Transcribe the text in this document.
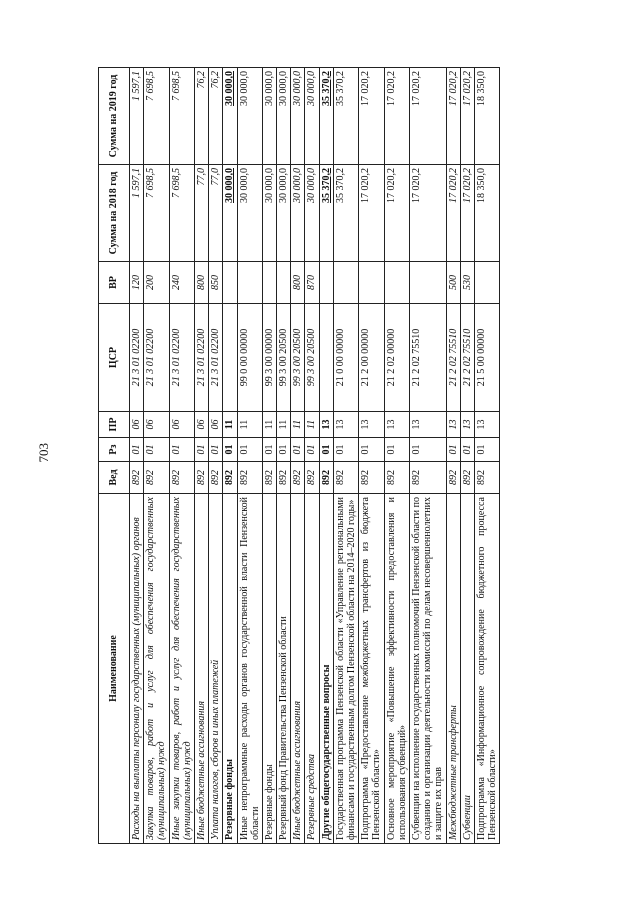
703
Наименование	Вед	Рз	ПР	ЦСР	ВР	Сумма на 2018 год	Сумма на 2019 год
Расходы на выплаты персоналу государственных (муниципальных) органов	892	01	06	21 3 01 02200	120	1 597,1	1 597,1
Закупка товаров, работ и услуг для обеспечения государственных (муниципальных) нужд	892	01	06	21 3 01 02200	200	7 698,5	7 698,5
Иные закупки товаров, работ и услуг для обеспечения государственных (муниципальных) нужд	892	01	06	21 3 01 02200	240	7 698,5	7 698,5
Иные бюджетные ассигнования	892	01	06	21 3 01 02200	800	77,0	76,2
Уплата налогов, сборов и иных платежей	892	01	06	21 3 01 02200	850	77,0	76,2
Резервные фонды	892	01	11			30 000,0	30 000,0
Иные непрограммные расходы органов государственной власти Пензенской области	892	01	11	99 0 00 00000		30 000,0	30 000,0
Резервные фонды	892	01	11	99 3 00 00000		30 000,0	30 000,0
Резервный фонд Правительства Пензенской области	892	01	11	99 3 00 20500		30 000,0	30 000,0
Иные бюджетные ассигнования	892	01	11	99 3 00 20500	800	30 000,0	30 000,0
Резервные средства	892	01	11	99 3 00 20500	870	30 000,0	30 000,0
Другие общегосударственные вопросы	892	01	13			35 370,2	35 370,2
Государственная программа Пензенской области «Управление региональными финансами и государственным долгом Пензенской области на 2014–2020 годы»	892	01	13	21 0 00 00000		35 370,2	35 370,2
Подпрограмма «Предоставление межбюджетных трансфертов из бюджета Пензенской области»	892	01	13	21 2 00 00000		17 020,2	17 020,2
Основное мероприятие «Повышение эффективности предоставления и использования субвенций»	892	01	13	21 2 02 00000		17 020,2	17 020,2
Субвенции на исполнение государственных полномочий Пензенской области по созданию и организации деятельности комиссий по делам несовершеннолетних и защите их прав	892	01	13	21 2 02 75510		17 020,2	17 020,2
Межбюджетные трансферты	892	01	13	21 2 02 75510	500	17 020,2	17 020,2
Субвенции	892	01	13	21 2 02 75510	530	17 020,2	17 020,2
Подпрограмма «Информационное сопровождение бюджетного процесса Пензенской области»	892	01	13	21 5 00 00000		18 350,0	18 350,0
